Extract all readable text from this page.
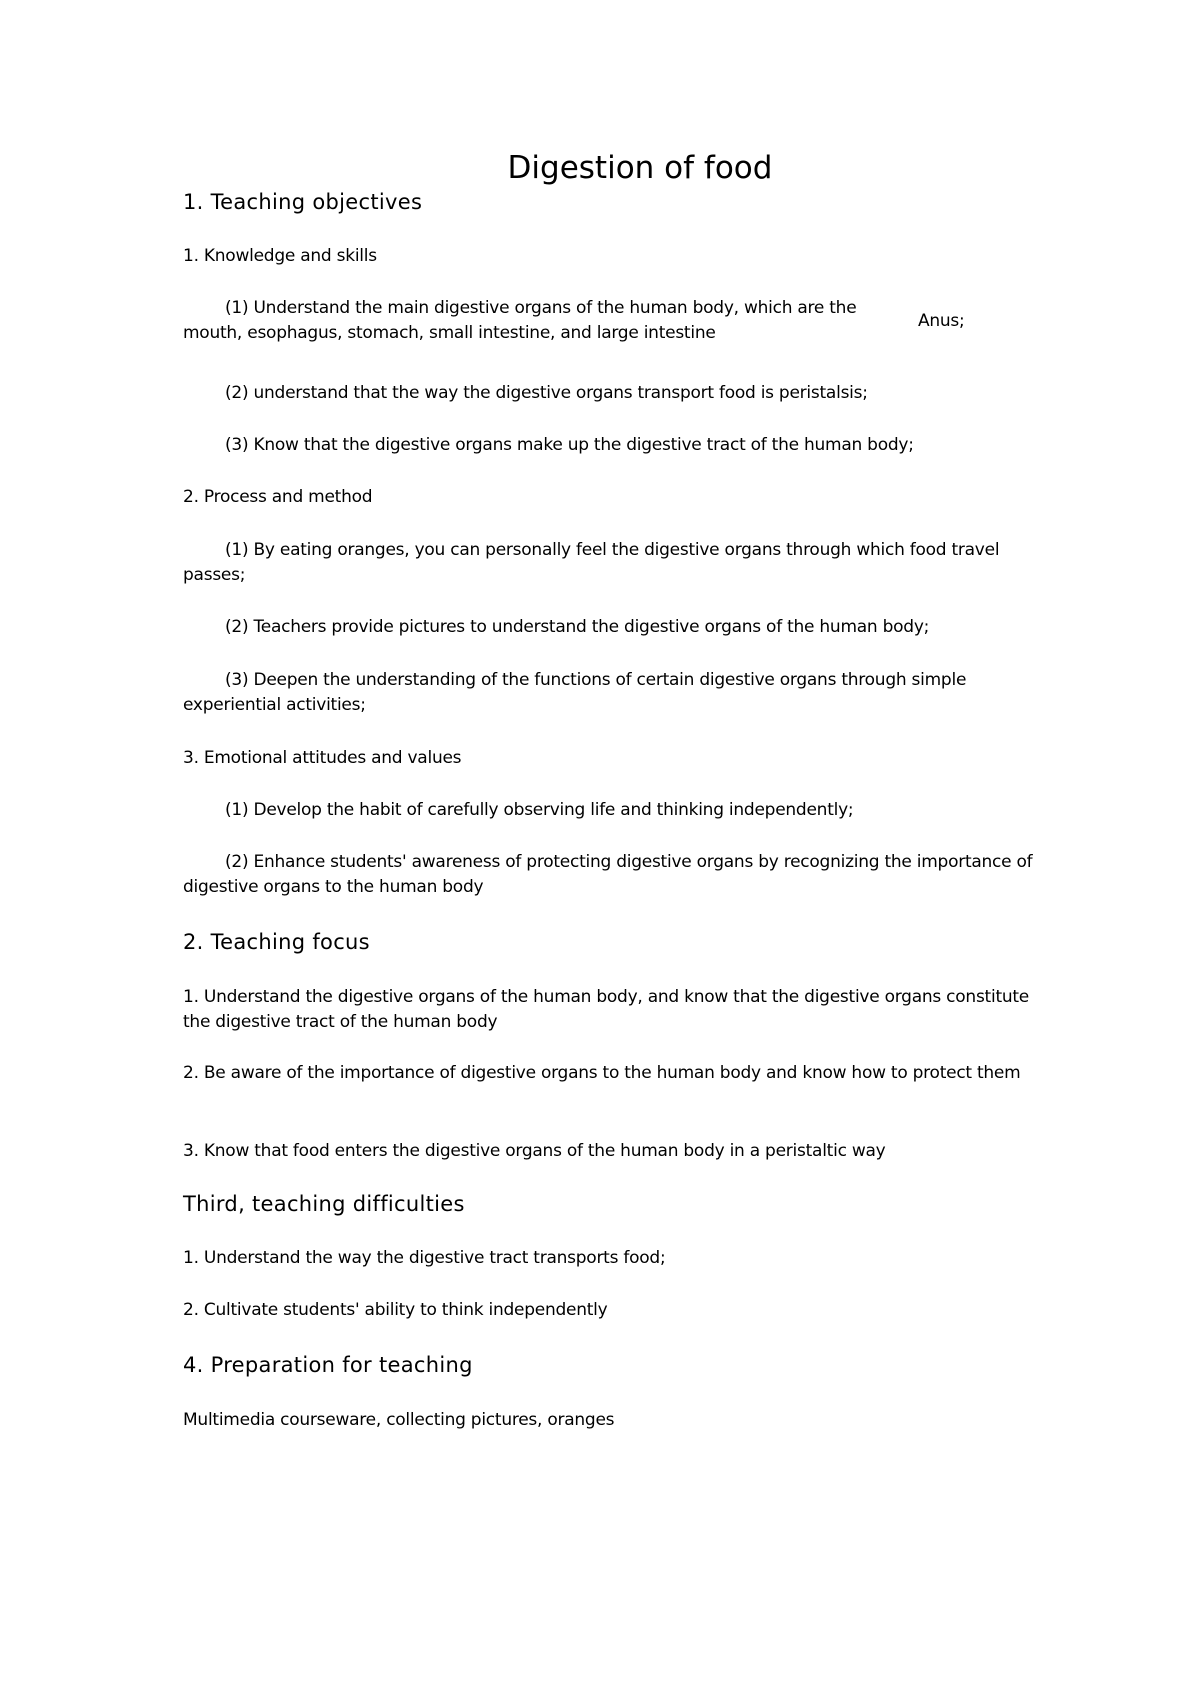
Digestion of food
1. Teaching objectives
1. Knowledge and skills
(1) Understand the main digestive organs of the human body, which are the mouth, esophagus, stomach, small intestine, and large intestine
Anus;
(2) understand that the way the digestive organs transport food is peristalsis;
(3) Know that the digestive organs make up the digestive tract of the human body;
2. Process and method
(1) By eating oranges, you can personally feel the digestive organs through which food travel passes;
(2) Teachers provide pictures to understand the digestive organs of the human body;
(3) Deepen the understanding of the functions of certain digestive organs through simple experiential activities;
3. Emotional attitudes and values
(1) Develop the habit of carefully observing life and thinking independently;
(2) Enhance students' awareness of protecting digestive organs by recognizing the importance of digestive organs to the human body
2. Teaching focus
1. Understand the digestive organs of the human body, and know that the digestive organs constitute the digestive tract of the human body
2. Be aware of the importance of digestive organs to the human body and know how to protect them
3. Know that food enters the digestive organs of the human body in a peristaltic way
Third, teaching difficulties
1. Understand the way the digestive tract transports food;
2. Cultivate students' ability to think independently
4. Preparation for teaching
Multimedia courseware, collecting pictures, oranges
